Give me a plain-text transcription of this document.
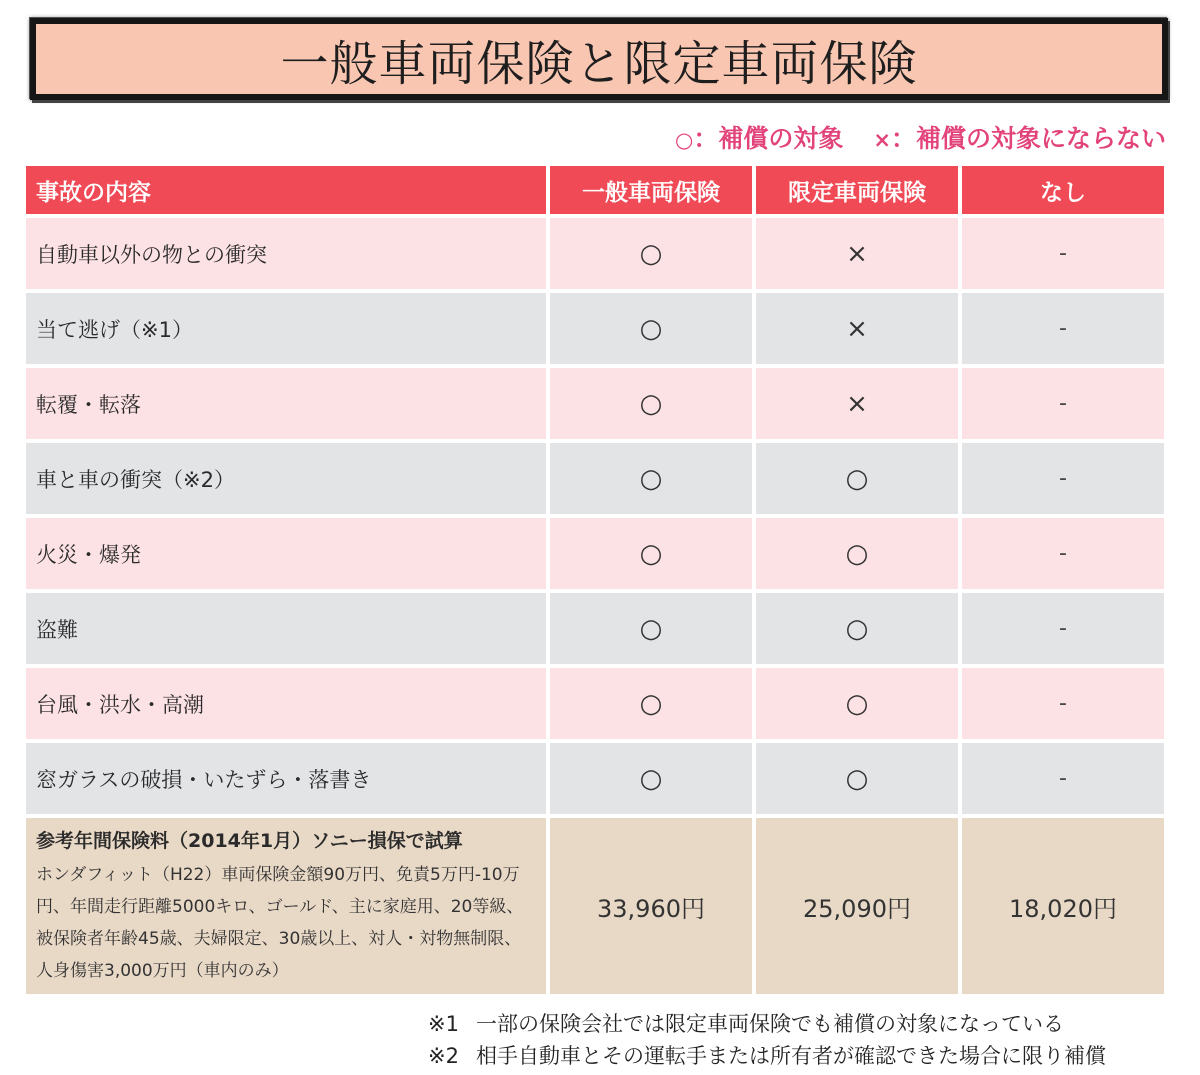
一般車両保険と限定車両保険
○：補償の対象 ×：補償の対象にならない
事故の内容	一般車両保険	限定車両保険	なし
自動車以外の物との衝突	○	×	-
当て逃げ（※1）	○	×	-
転覆・転落	○	×	-
車と車の衝突（※2）	○	○	-
火災・爆発	○	○	-
盗難	○	○	-
台風・洪水・高潮	○	○	-
窓ガラスの破損・いたずら・落書き	○	○	-

参考年間保険料（2014年1月）ソニー損保で試算
ホンダフィット（H22）車両保険金額90万円、免責5万円-10万円、年間走行距離5000キロ、ゴールド、主に家庭用、20等級、被保険者年齢45歳、夫婦限定、30歳以上、対人・対物無制限、人身傷害3,000万円（車内のみ）	33,960円	25,090円	18,020円
※1 一部の保険会社では限定車両保険でも補償の対象になっている
※2 相手自動車とその運転手または所有者が確認できた場合に限り補償
